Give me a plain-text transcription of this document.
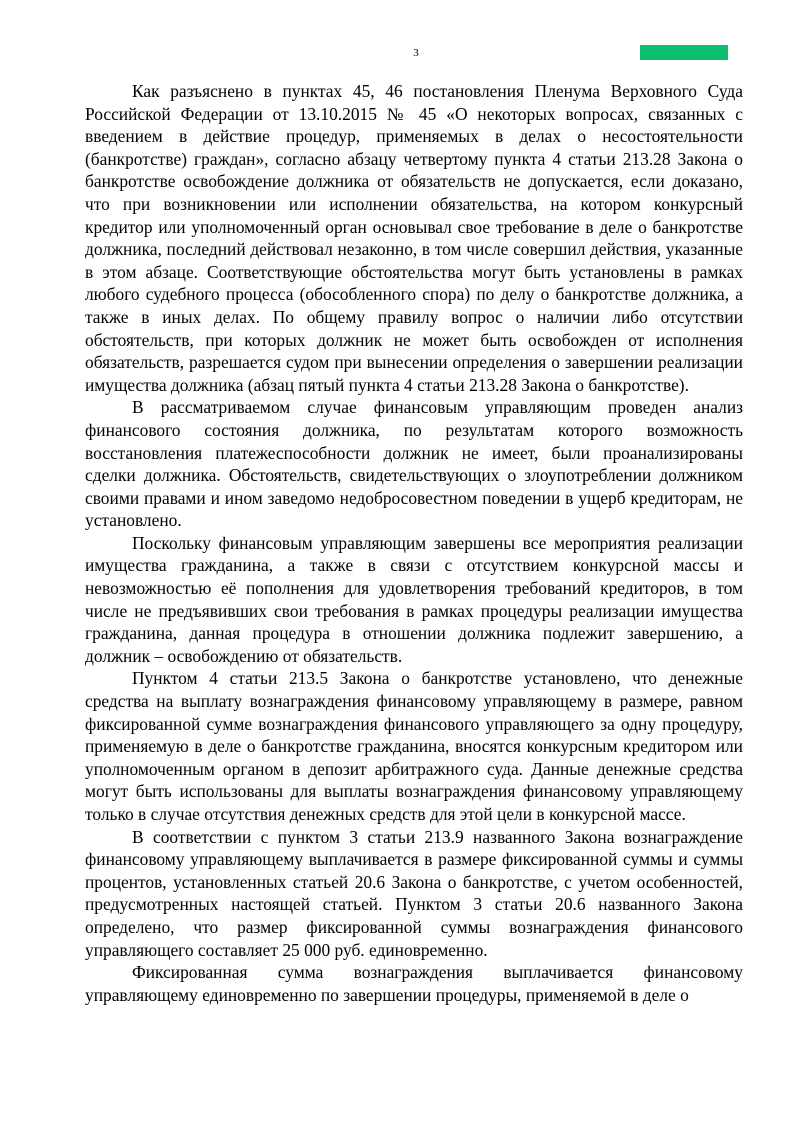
3

Как разъяснено в пунктах 45, 46 постановления Пленума Верховного Суда Российской Федерации от 13.10.2015 № 45 «О некоторых вопросах, связанных с введением в действие процедур, применяемых в делах о несостоятельности (банкротстве) граждан», согласно абзацу четвертому пункта 4 статьи 213.28 Закона о банкротстве освобождение должника от обязательств не допускается, если доказано, что при возникновении или исполнении обязательства, на котором конкурсный кредитор или уполномоченный орган основывал свое требование в деле о банкротстве должника, последний действовал незаконно, в том числе совершил действия, указанные в этом абзаце. Соответствующие обстоятельства могут быть установлены в рамках любого судебного процесса (обособленного спора) по делу о банкротстве должника, а также в иных делах. По общему правилу вопрос о наличии либо отсутствии обстоятельств, при которых должник не может быть освобожден от исполнения обязательств, разрешается судом при вынесении определения о завершении реализации имущества должника (абзац пятый пункта 4 статьи 213.28 Закона о банкротстве).

В рассматриваемом случае финансовым управляющим проведен анализ финансового состояния должника, по результатам которого возможность восстановления платежеспособности должник не имеет, были проанализированы сделки должника. Обстоятельств, свидетельствующих о злоупотреблении должником своими правами и ином заведомо недобросовестном поведении в ущерб кредиторам, не установлено.

Поскольку финансовым управляющим завершены все мероприятия реализации имущества гражданина, а также в связи с отсутствием конкурсной массы и невозможностью её пополнения для удовлетворения требований кредиторов, в том числе не предъявивших свои требования в рамках процедуры реализации имущества гражданина, данная процедура в отношении должника подлежит завершению, а должник – освобождению от обязательств.

Пунктом 4 статьи 213.5 Закона о банкротстве установлено, что денежные средства на выплату вознаграждения финансовому управляющему в размере, равном фиксированной сумме вознаграждения финансового управляющего за одну процедуру, применяемую в деле о банкротстве гражданина, вносятся конкурсным кредитором или уполномоченным органом в депозит арбитражного суда. Данные денежные средства могут быть использованы для выплаты вознаграждения финансовому управляющему только в случае отсутствия денежных средств для этой цели в конкурсной массе.

В соответствии с пунктом 3 статьи 213.9 названного Закона вознаграждение финансовому управляющему выплачивается в размере фиксированной суммы и суммы процентов, установленных статьей 20.6 Закона о банкротстве, с учетом особенностей, предусмотренных настоящей статьей. Пунктом 3 статьи 20.6 названного Закона определено, что размер фиксированной суммы вознаграждения финансового управляющего составляет 25 000 руб. единовременно.

Фиксированная сумма вознаграждения выплачивается финансовому управляющему единовременно по завершении процедуры, применяемой в деле о
